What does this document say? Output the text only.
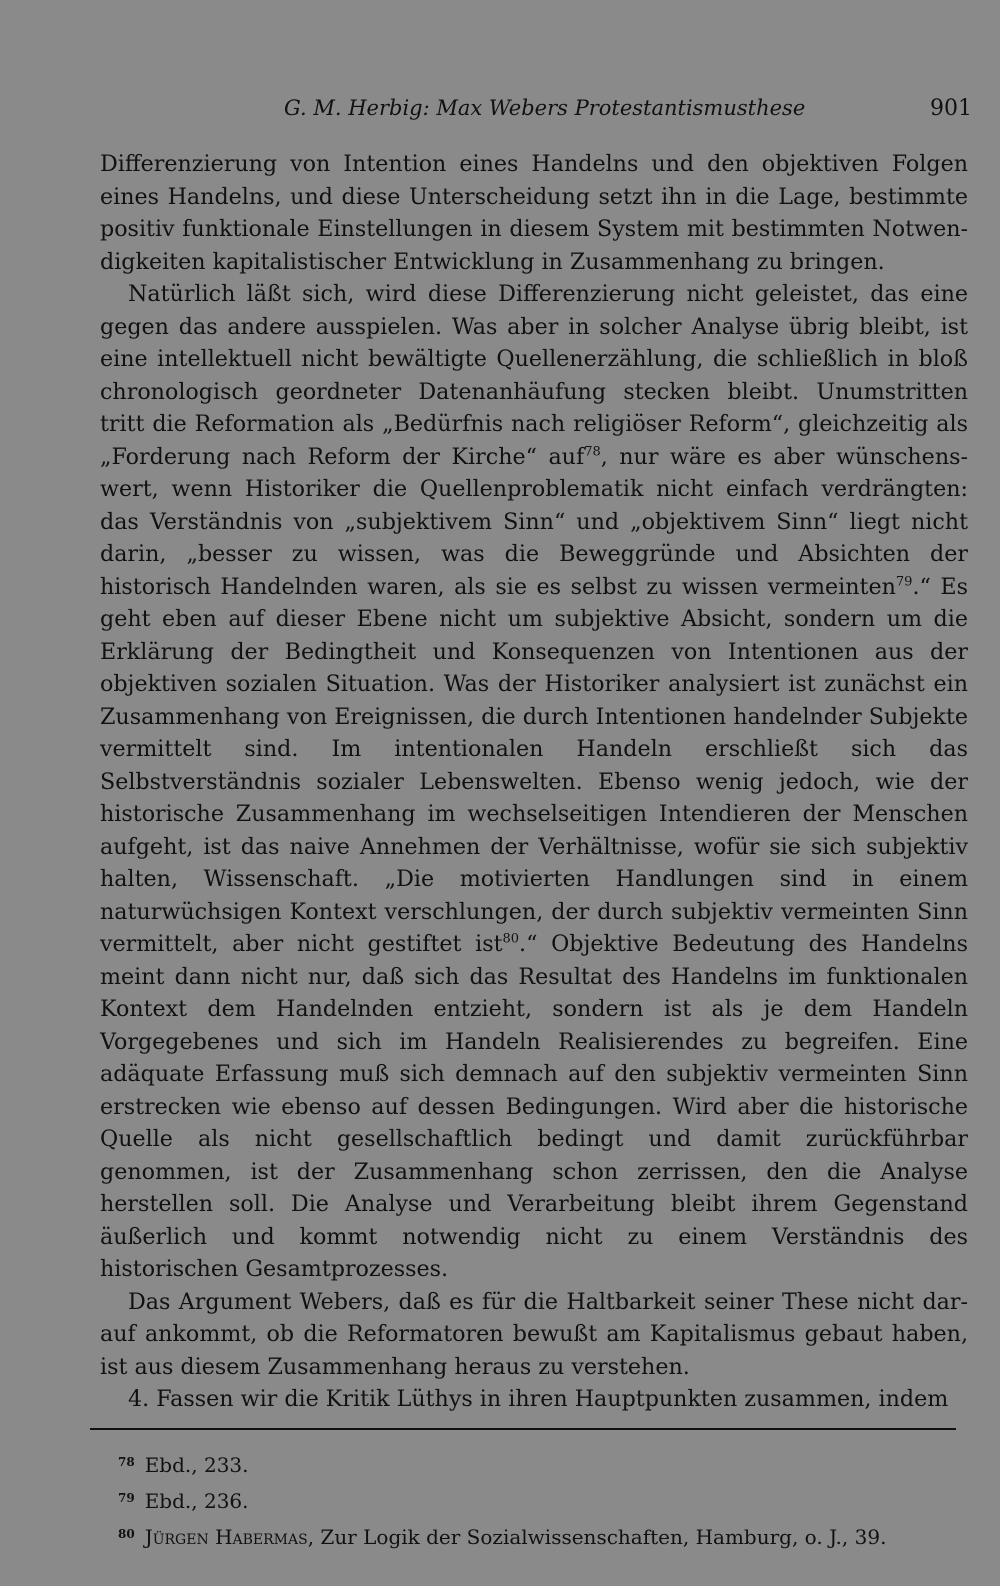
G. M. Herbig: Max Webers Protestantismusthese	901

Differenzierung von Intention eines Handelns und den objektiven Folgen eines Handelns, und diese Unterscheidung setzt ihn in die Lage, bestimmte positiv funktionale Einstellungen in diesem System mit bestimmten Notwendigkeiten kapitalistischer Entwicklung in Zusammenhang zu bringen.

Natürlich läßt sich, wird diese Differenzierung nicht geleistet, das eine gegen das andere ausspielen. Was aber in solcher Analyse übrig bleibt, ist eine intellektuell nicht bewältigte Quellenerzählung, die schließlich in bloß chronologisch geordneter Datenanhäufung stecken bleibt. Unumstritten tritt die Reformation als „Bedürfnis nach religiöser Reform“, gleichzeitig als „Forderung nach Reform der Kirche“ auf$^{78}$, nur wäre es aber wünschenswert, wenn Historiker die Quellenproblematik nicht einfach verdrängten: das Verständnis von „subjektivem Sinn“ und „objektivem Sinn“ liegt nicht darin, „besser zu wissen, was die Beweggründe und Absichten der historisch Handelnden waren, als sie es selbst zu wissen vermeinten$^{79}$.“ Es geht eben auf dieser Ebene nicht um subjektive Absicht, sondern um die Erklärung der Bedingtheit und Konsequenzen von Intentionen aus der objektiven sozialen Situation. Was der Historiker analysiert ist zunächst ein Zusammenhang von Ereignissen, die durch Intentionen handelnder Subjekte vermittelt sind. Im intentionalen Handeln erschließt sich das Selbstverständnis sozialer Lebenswelten. Ebenso wenig jedoch, wie der historische Zusammenhang im wechselseitigen Intendieren der Menschen aufgeht, ist das naive Annehmen der Verhältnisse, wofür sie sich subjektiv halten, Wissenschaft. „Die motivierten Handlungen sind in einem naturwüchsigen Kontext verschlungen, der durch subjektiv vermeinten Sinn vermittelt, aber nicht gestiftet ist$^{80}$.“ Objektive Bedeutung des Handelns meint dann nicht nur, daß sich das Resultat des Handelns im funktionalen Kontext dem Handelnden entzieht, sondern ist als je dem Handeln Vorgegebenes und sich im Handeln Realisierendes zu begreifen. Eine adäquate Erfassung muß sich demnach auf den subjektiv vermeinten Sinn erstrecken wie ebenso auf dessen Bedingungen. Wird aber die historische Quelle als nicht gesellschaftlich bedingt und damit zurückführbar genommen, ist der Zusammenhang schon zerrissen, den die Analyse herstellen soll. Die Analyse und Verarbeitung bleibt ihrem Gegenstand äußerlich und kommt notwendig nicht zu einem Verständnis des historischen Gesamtprozesses.

Das Argument Webers, daß es für die Haltbarkeit seiner These nicht darauf ankommt, ob die Reformatoren bewußt am Kapitalismus gebaut haben, ist aus diesem Zusammenhang heraus zu verstehen.

4. Fassen wir die Kritik Lüthys in ihren Hauptpunkten zusammen, indem

$^{78}$ Ebd., 233.

$^{79}$ Ebd., 236.

$^{80}$ Jürgen Habermas, Zur Logik der Sozialwissenschaften, Hamburg, o. J., 39.
